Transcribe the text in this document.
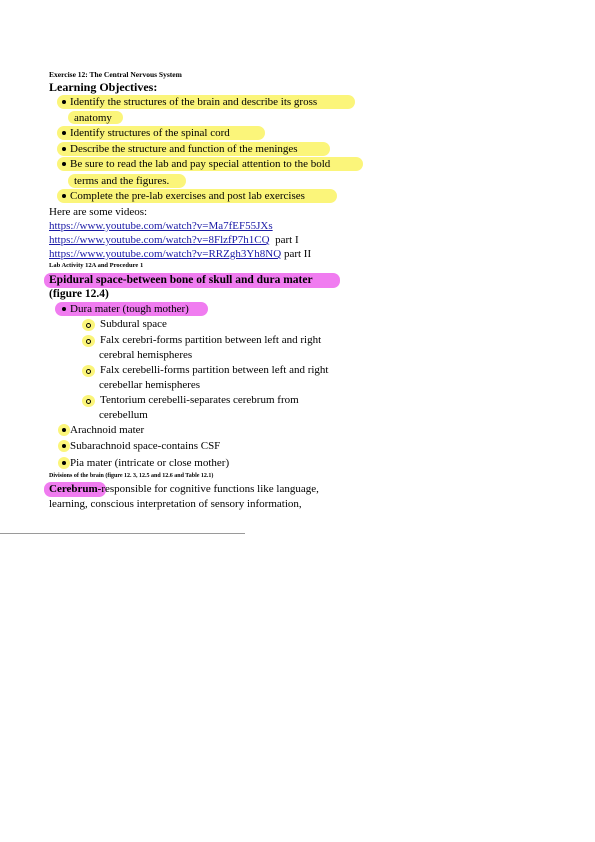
Exercise 12: The Central Nervous System
Learning Objectives:
Identify the structures of the brain and describe its gross
anatomy
Identify structures of the spinal cord
Describe the structure and function of the meninges
Be sure to read the lab and pay special attention to the bold
terms and the figures.
Complete the pre-lab exercises and post lab exercises
Here are some videos:
https://www.youtube.com/watch?v=Ma7fEF55JXs
https://www.youtube.com/watch?v=8FlzfP7h1CQ  part I
https://www.youtube.com/watch?v=RRZgh3Yh8NQ part II
Lab Activity 12A and Procedure 1
Epidural space-between bone of skull and dura mater
(figure 12.4)
Dura mater (tough mother)
Subdural space
Falx cerebri-forms partition between left and right
cerebral hemispheres
Falx cerebelli-forms partition between left and right
cerebellar hemispheres
Tentorium cerebelli-separates cerebrum from
cerebellum
Arachnoid mater
Subarachnoid space-contains CSF
Pia mater (intricate or close mother)
Divisions of the brain (figure 12. 3, 12.5 and 12.6 and Table 12.1)
Cerebrum-responsible for cognitive functions like language,
learning, conscious interpretation of sensory information,
